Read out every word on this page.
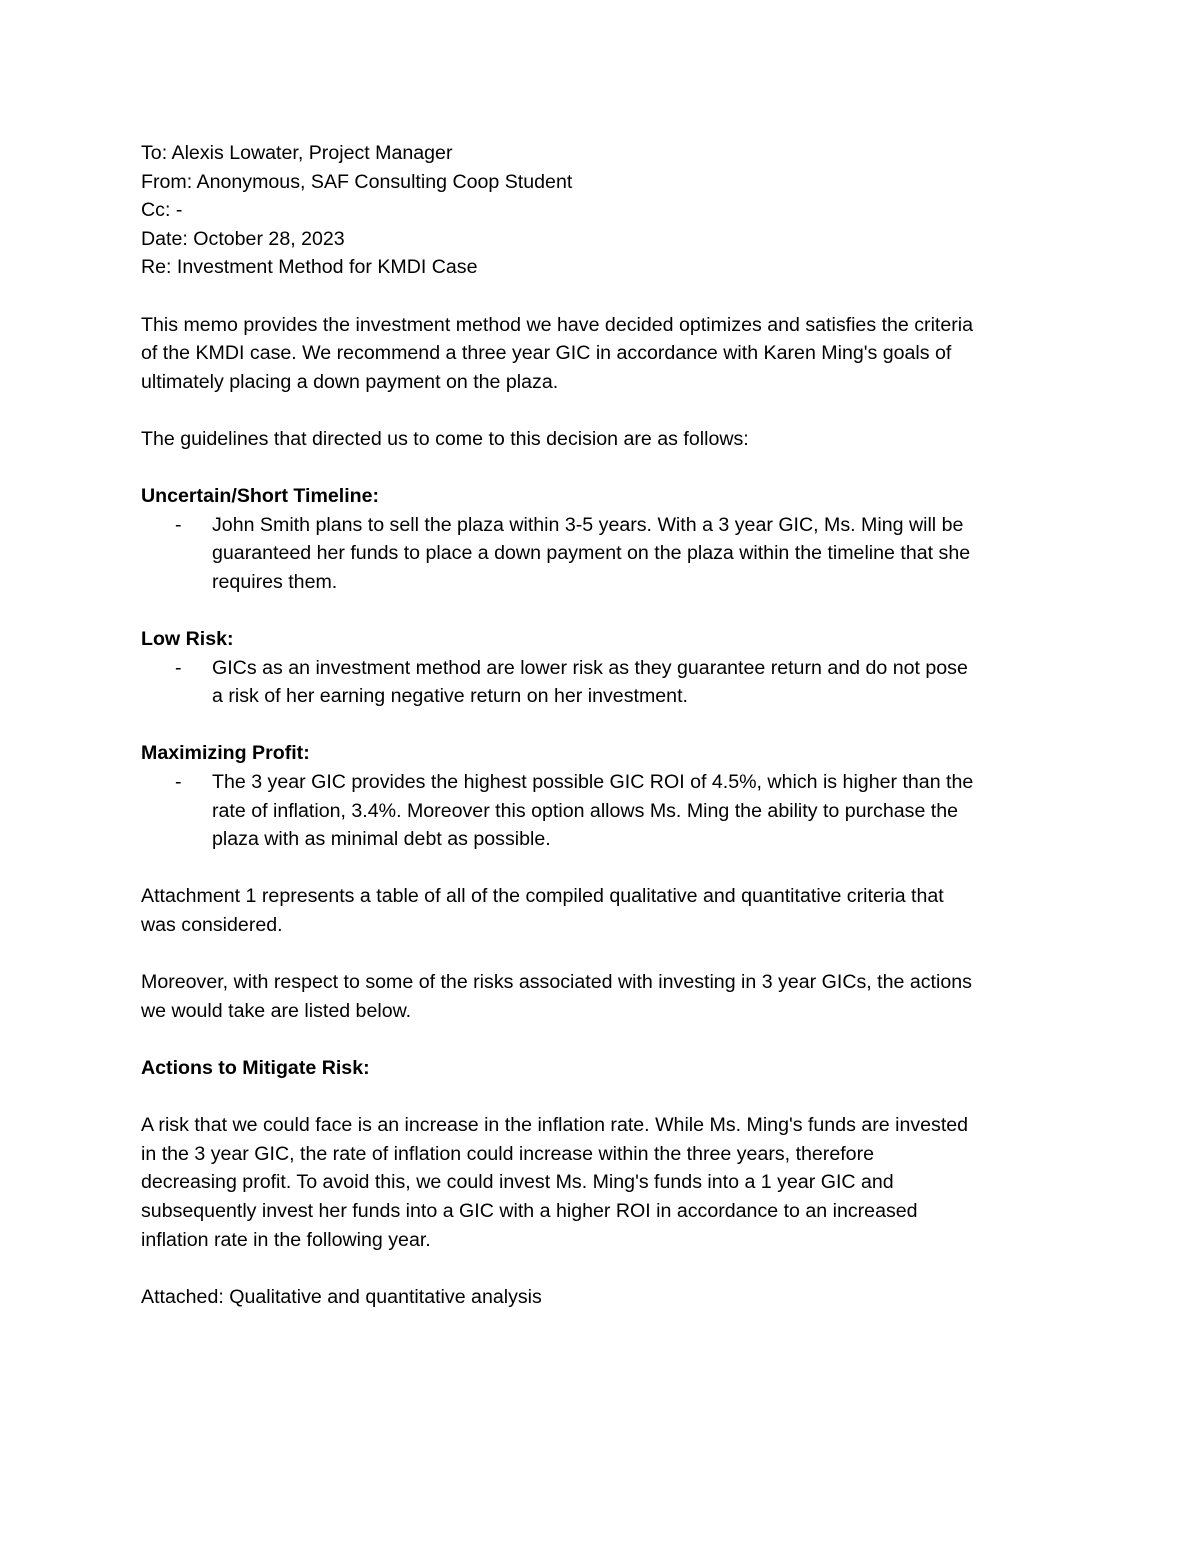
To: Alexis Lowater, Project Manager
From: Anonymous, SAF Consulting Coop Student
Cc: -
Date: October 28, 2023
Re: Investment Method for KMDI Case
This memo provides the investment method we have decided optimizes and satisfies the criteria
of the KMDI case. We recommend a three year GIC in accordance with Karen Ming's goals of
ultimately placing a down payment on the plaza.
The guidelines that directed us to come to this decision are as follows:
Uncertain/Short Timeline:
- John Smith plans to sell the plaza within 3-5 years. With a 3 year GIC, Ms. Ming will be
guaranteed her funds to place a down payment on the plaza within the timeline that she
requires them.
Low Risk:
- GICs as an investment method are lower risk as they guarantee return and do not pose
a risk of her earning negative return on her investment.
Maximizing Profit:
- The 3 year GIC provides the highest possible GIC ROI of 4.5%, which is higher than the
rate of inflation, 3.4%. Moreover this option allows Ms. Ming the ability to purchase the
plaza with as minimal debt as possible.
Attachment 1 represents a table of all of the compiled qualitative and quantitative criteria that
was considered.
Moreover, with respect to some of the risks associated with investing in 3 year GICs, the actions
we would take are listed below.
Actions to Mitigate Risk:
A risk that we could face is an increase in the inflation rate. While Ms. Ming's funds are invested
in the 3 year GIC, the rate of inflation could increase within the three years, therefore
decreasing profit. To avoid this, we could invest Ms. Ming's funds into a 1 year GIC and
subsequently invest her funds into a GIC with a higher ROI in accordance to an increased
inflation rate in the following year.
Attached: Qualitative and quantitative analysis
